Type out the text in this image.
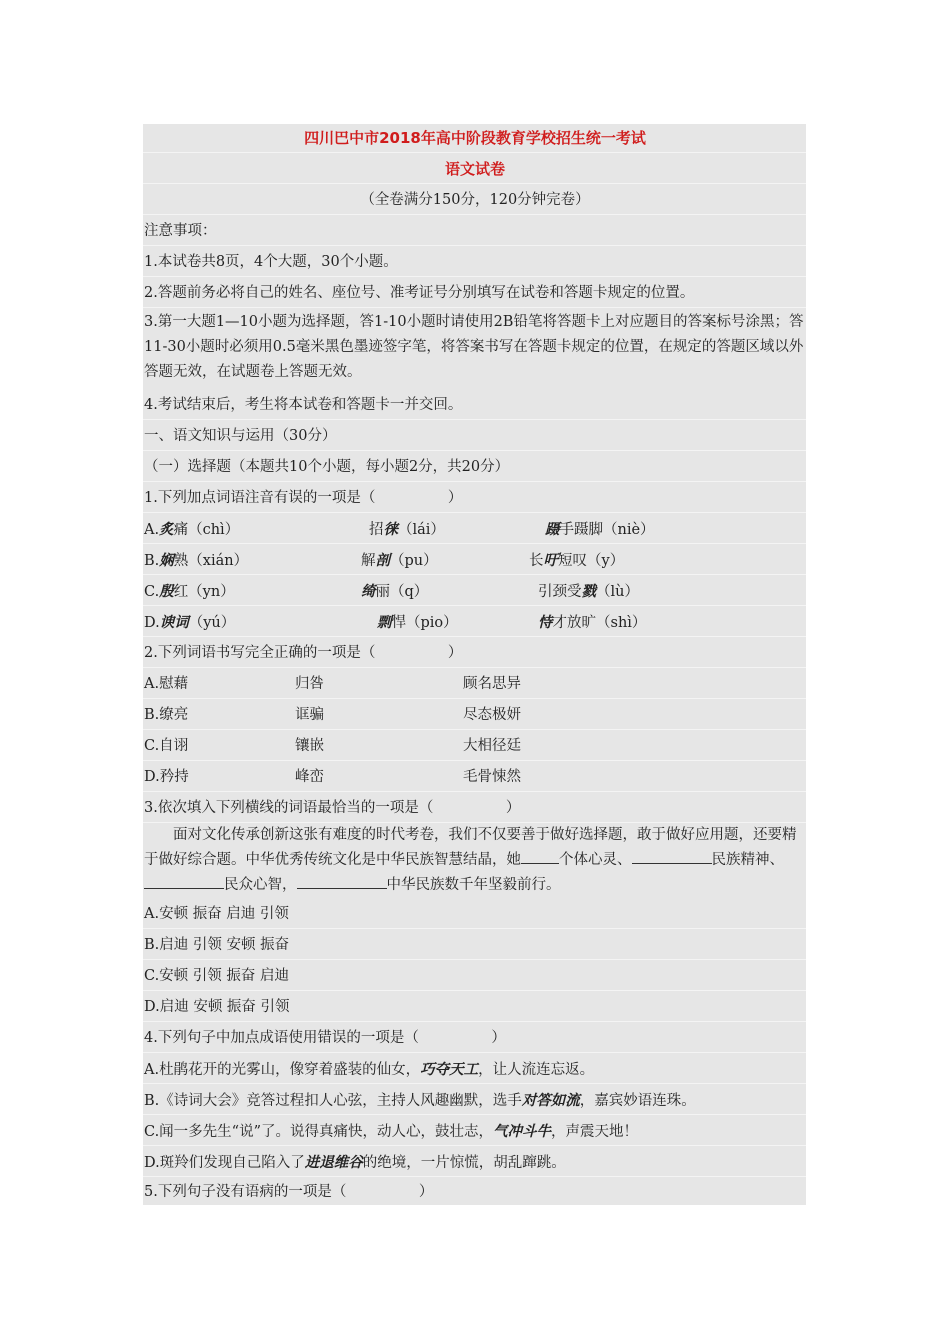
四川巴中市2018年高中阶段教育学校招生统一考试
语文试卷
（全卷满分150分，120分钟完卷）
注意事项：
1.本试卷共8页，4个大题，30个小题。
2.答题前务必将自己的姓名、座位号、准考证号分别填写在试卷和答题卡规定的位置。
3.第一大题1—10小题为选择题，答1-10小题时请使用2B铅笔将答题卡上对应题目的答案标号涂黑；答11-30小题时必须用0.5毫米黑色墨迹签字笔，将答案书写在答题卡规定的位置，在规定的答题区域以外答题无效，在试题卷上答题无效。
4.考试结束后，考生将本试卷和答题卡一并交回。
一、语文知识与运用（30分）
（一）选择题（本题共10个小题，每小题2分，共20分）
1.下列加点词语注音有误的一项是（　　　　　）
A.炙痛（chì）	招徕（lái）	蹑手蹑脚（niè）
B.娴熟（xián）	解剖（pu）	长吁短叹（y）
C.殷红（yn）	绮丽（q）	引颈受戮（lù）
D.谀词（yú）	剽悍（pio）	恃才放旷（shì）
2.下列词语书写完全正确的一项是（　　　　　）
A.慰藉	归咎	顾名思异
B.缭亮	诓骗	尽态极妍
C.自诩	镶嵌	大相径廷
D.矜持	峰峦	毛骨悚然
3.依次填入下列横线的词语最恰当的一项是（　　　　　）
面对文化传承创新这张有难度的时代考卷，我们不仅要善于做好选择题，敢于做好应用题，还要精于做好综合题。中华优秀传统文化是中华民族智慧结晶，她	个体心灵、	民族精神、民众心智，	中华民族数千年坚毅前行。
A.安顿 振奋 启迪 引领
B.启迪 引领 安顿 振奋
C.安顿 引领 振奋 启迪
D.启迪 安顿 振奋 引领
4.下列句子中加点成语使用错误的一项是（　　　　　）
A.杜鹃花开的光雾山，像穿着盛装的仙女，巧夺天工，让人流连忘返。
B.《诗词大会》竞答过程扣人心弦，主持人风趣幽默，选手对答如流，嘉宾妙语连珠。
C.闻一多先生“说”了。说得真痛快，动人心，鼓壮志，气冲斗牛，声震天地！
D.斑羚们发现自己陷入了进退维谷的绝境，一片惊慌，胡乱蹿跳。
5.下列句子没有语病的一项是（　　　　　）
